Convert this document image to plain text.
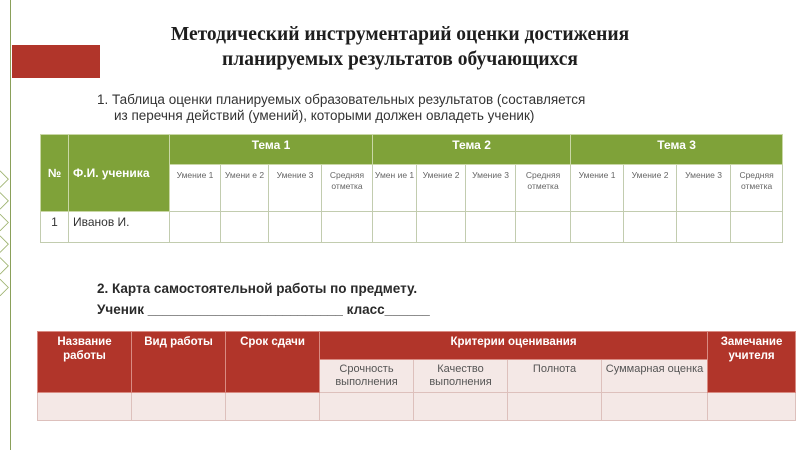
Методический инструментарий оценки достижения
планируемых результатов обучающихся
1. Таблица оценки планируемых образовательных результатов (составляется
из перечня действий (умений), которыми должен овладеть ученик)
№	Ф.И. ученика	Тема 1				Тема 2				Тема 3			
		Умение 1	Умени е 2	Умение 3	Средняя отметка	Умен ие 1	Умение 2	Умение 3	Средняя отметка	Умение 1	Умение 2	Умение 3	Средняя отметка
1	Иванов И.												
2. Карта самостоятельной работы по предмету.
Ученик __________________________ класс______
Название работы	Вид работы	Срок сдачи	Критерии оценивания				Замечание учителя
			Срочность выполнения	Качество выполнения	Полнота	Суммарная оценка	
